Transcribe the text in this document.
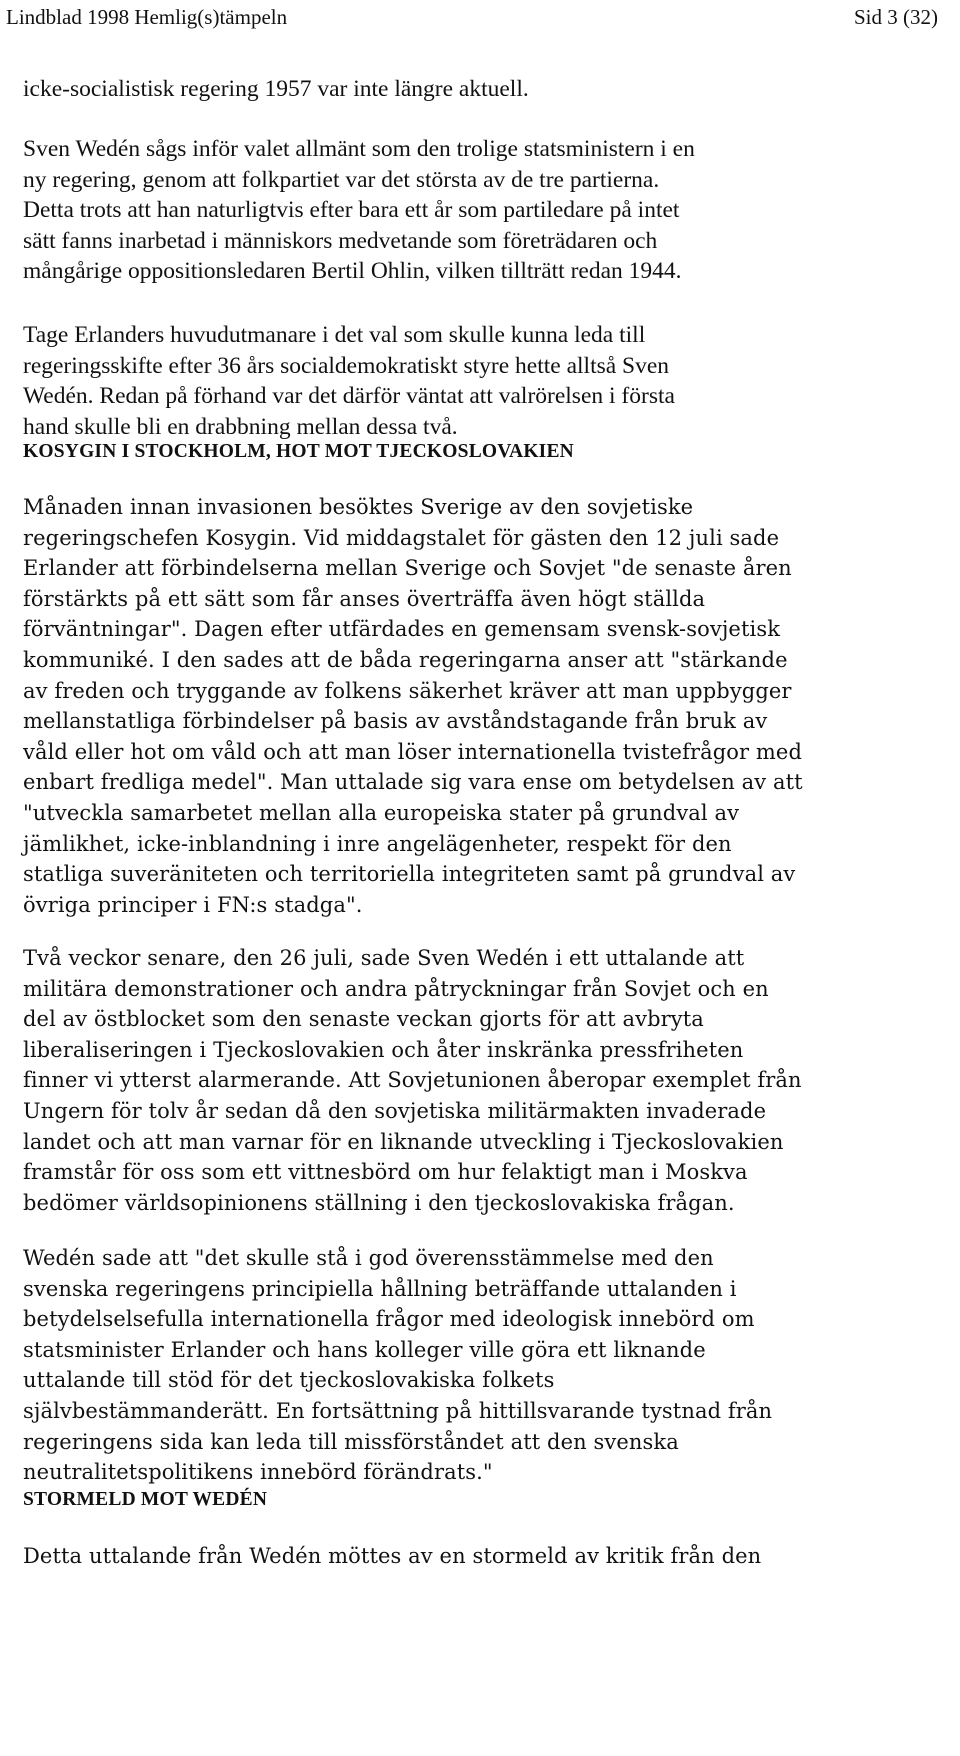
Lindblad 1998 Hemlig(s)tämpeln	Sid 3 (32)

icke-socialistisk regering 1957 var inte längre aktuell.

Sven Wedén sågs inför valet allmänt som den trolige statsministern i en
ny regering, genom att folkpartiet var det största av de tre partierna.
Detta trots att han naturligtvis efter bara ett år som partiledare på intet
sätt fanns inarbetad i människors medvetande som företrädaren och
mångårige oppositionsledaren Bertil Ohlin, vilken tillträtt redan 1944.

Tage Erlanders huvudutmanare i det val som skulle kunna leda till
regeringsskifte efter 36 års socialdemokratiskt styre hette alltså Sven
Wedén. Redan på förhand var det därför väntat att valrörelsen i första
hand skulle bli en drabbning mellan dessa två.

KOSYGIN I STOCKHOLM, HOT MOT TJECKOSLOVAKIEN

Månaden innan invasionen besöktes Sverige av den sovjetiske
regeringschefen Kosygin. Vid middagstalet för gästen den 12 juli sade
Erlander att förbindelserna mellan Sverige och Sovjet "de senaste åren
förstärkts på ett sätt som får anses överträffa även högt ställda
förväntningar". Dagen efter utfärdades en gemensam svensk-sovjetisk
kommuniké. I den sades att de båda regeringarna anser att "stärkande
av freden och tryggande av folkens säkerhet kräver att man uppbygger
mellanstatliga förbindelser på basis av avståndstagande från bruk av
våld eller hot om våld och att man löser internationella tvistefrågor med
enbart fredliga medel". Man uttalade sig vara ense om betydelsen av att
"utveckla samarbetet mellan alla europeiska stater på grundval av
jämlikhet, icke-inblandning i inre angelägenheter, respekt för den
statliga suveräniteten och territoriella integriteten samt på grundval av
övriga principer i FN:s stadga".

Två veckor senare, den 26 juli, sade Sven Wedén i ett uttalande att
militära demonstrationer och andra påtryckningar från Sovjet och en
del av östblocket som den senaste veckan gjorts för att avbryta
liberaliseringen i Tjeckoslovakien och åter inskränka pressfriheten
finner vi ytterst alarmerande. Att Sovjetunionen åberopar exemplet från
Ungern för tolv år sedan då den sovjetiska militärmakten invaderade
landet och att man varnar för en liknande utveckling i Tjeckoslovakien
framstår för oss som ett vittnesbörd om hur felaktigt man i Moskva
bedömer världsopinionens ställning i den tjeckoslovakiska frågan.

Wedén sade att "det skulle stå i god överensstämmelse med den
svenska regeringens principiella hållning beträffande uttalanden i
betydelselsefulla internationella frågor med ideologisk innebörd om
statsminister Erlander och hans kolleger ville göra ett liknande
uttalande till stöd för det tjeckoslovakiska folkets
självbestämmanderätt. En fortsättning på hittillsvarande tystnad från
regeringens sida kan leda till missförståndet att den svenska
neutralitetspolitikens innebörd förändrats."

STORMELD MOT WEDÉN

Detta uttalande från Wedén möttes av en stormeld av kritik från den
